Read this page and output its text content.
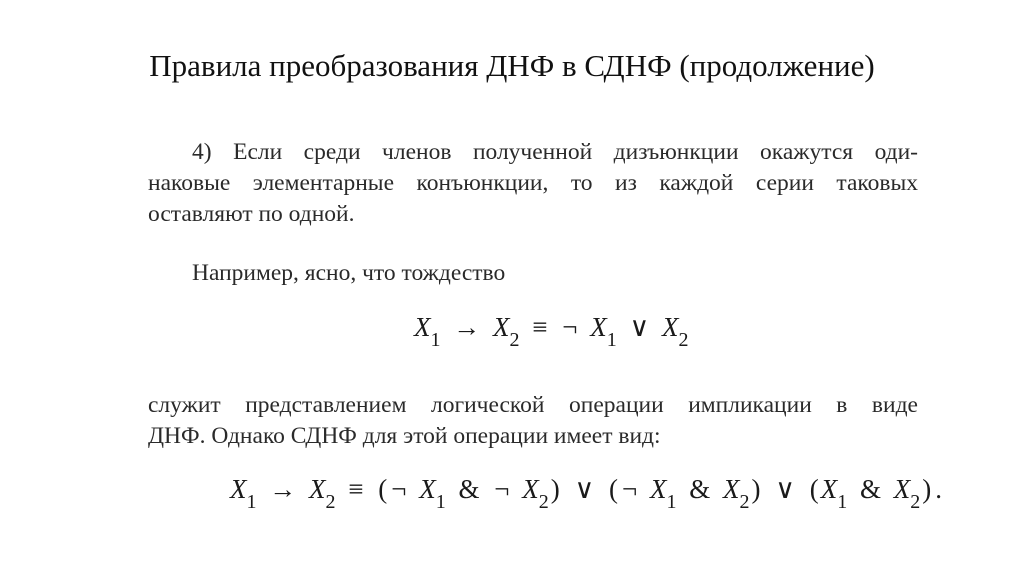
Правила преобразования ДНФ в СДНФ (продолжение)
4) Если среди членов полученной дизъюнкции окажутся оди-
наковые элементарные конъюнкции, то из каждой серии таковых
оставляют по одной.
Например, ясно, что тождество
$X_1 \to X_2$ ≡ ¬ $X_1$ ∨ $X_2$
служит представлением логической операции импликации в виде
ДНФ. Однако СДНФ для этой операции имеет вид:
$X_1 \to X_2$ ≡ ( ¬ $X_1$ & ¬ $X_2$) ∨ ( ¬ $X_1$ & $X_2$) ∨ ($X_1$ & $X_2$) .
